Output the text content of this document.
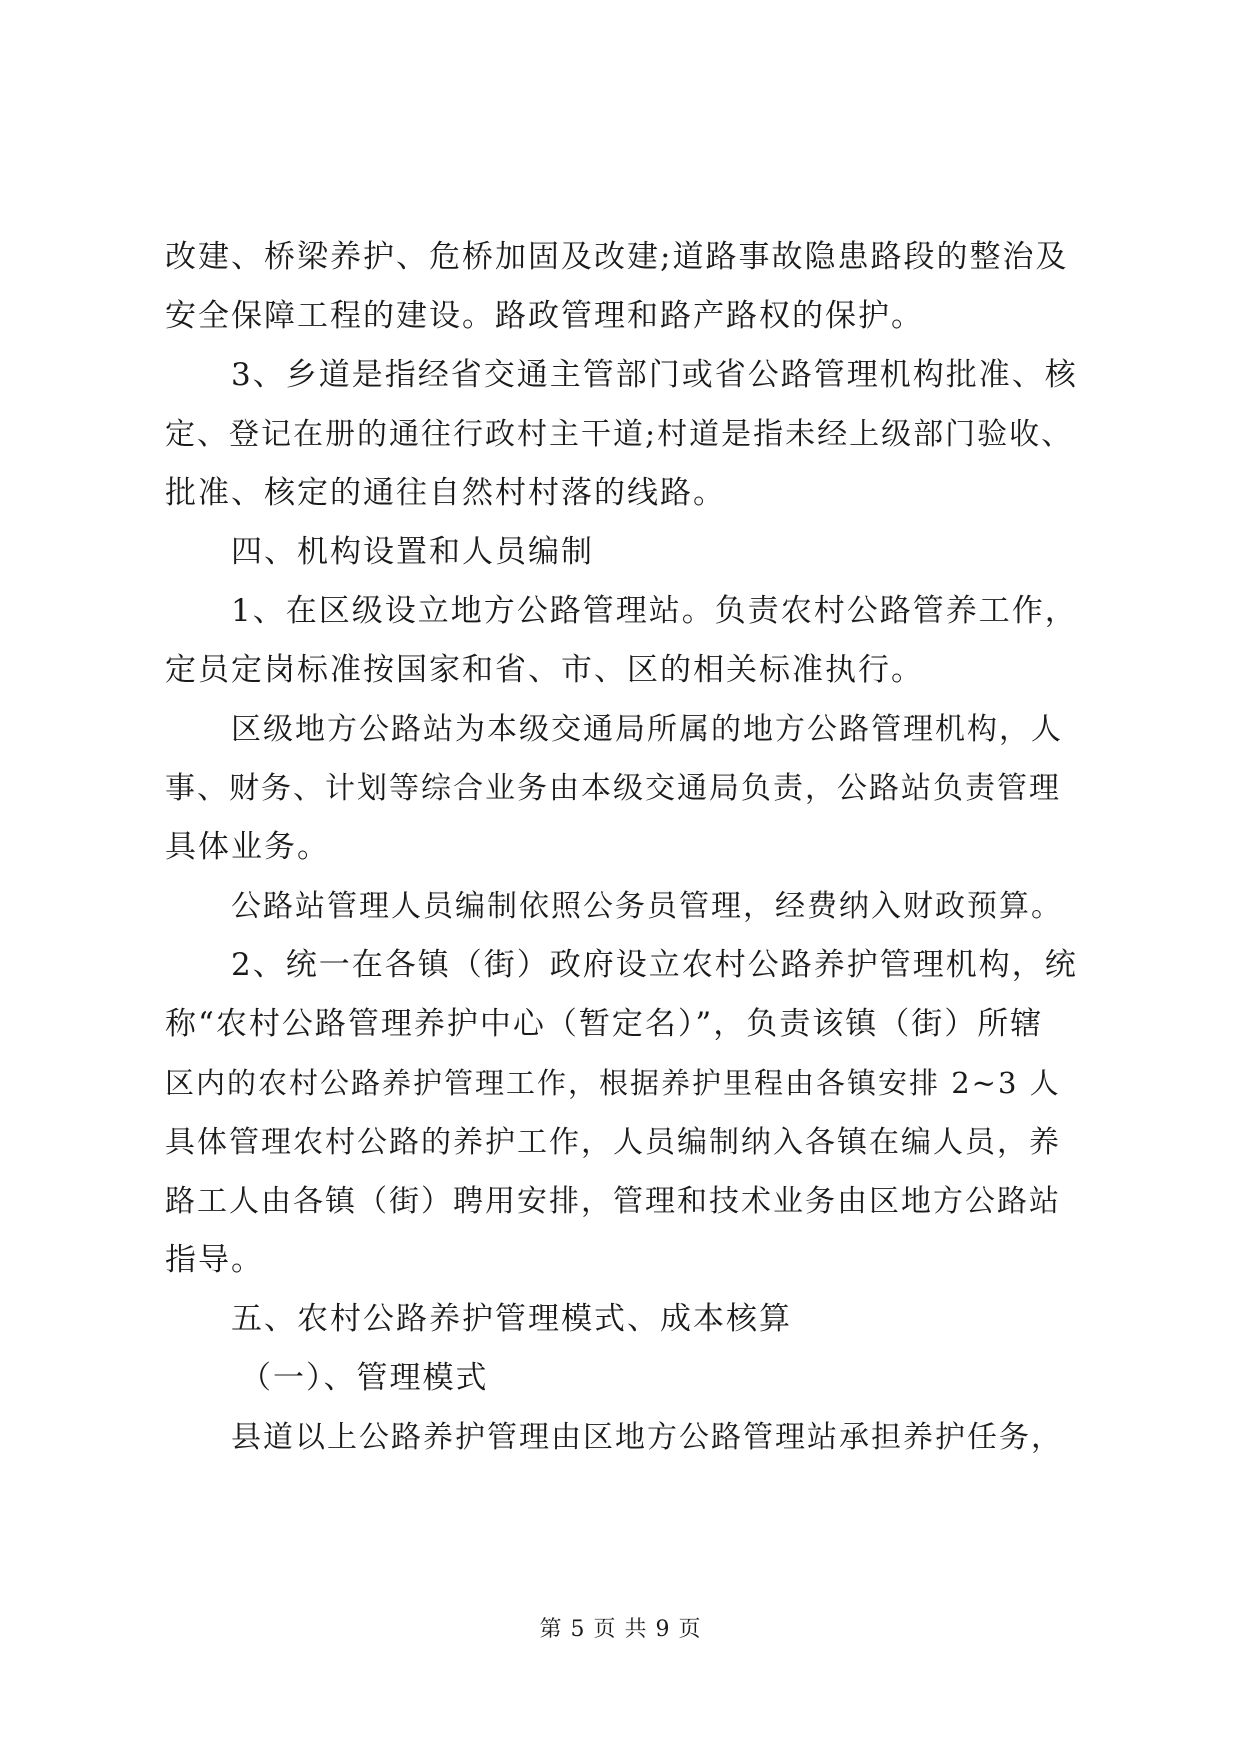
改建、桥梁养护、危桥加固及改建;道路事故隐患路段的整治及
安全保障工程的建设。路政管理和路产路权的保护。
3、乡道是指经省交通主管部门或省公路管理机构批准、核
定、登记在册的通往行政村主干道;村道是指未经上级部门验收、
批准、核定的通往自然村村落的线路。
四、机构设置和人员编制
1、在区级设立地方公路管理站。负责农村公路管养工作，
定员定岗标准按国家和省、市、区的相关标准执行。
区级地方公路站为本级交通局所属的地方公路管理机构，人
事、财务、计划等综合业务由本级交通局负责，公路站负责管理
具体业务。
公路站管理人员编制依照公务员管理，经费纳入财政预算。
2、统一在各镇（街）政府设立农村公路养护管理机构，统
称“农村公路管理养护中心（暂定名）”，负责该镇（街）所辖
区内的农村公路养护管理工作，根据养护里程由各镇安排 2~3 人
具体管理农村公路的养护工作，人员编制纳入各镇在编人员，养
路工人由各镇（街）聘用安排，管理和技术业务由区地方公路站
指导。
五、农村公路养护管理模式、成本核算
（一）、管理模式
县道以上公路养护管理由区地方公路管理站承担养护任务，
第 5 页 共 9 页
